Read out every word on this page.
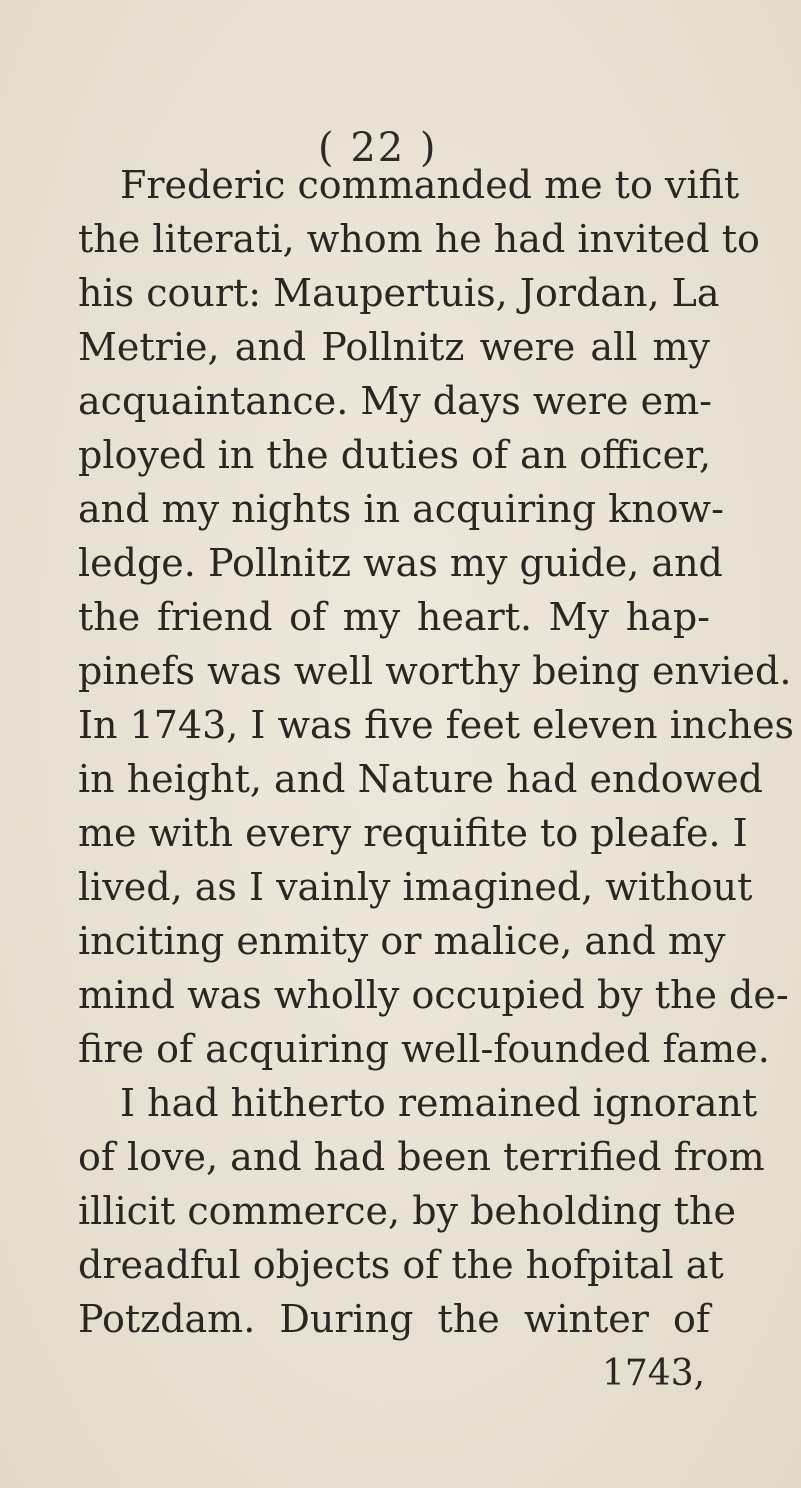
( 22 )
Frederic commanded me to vifit
the literati, whom he had invited to
his court: Maupertuis, Jordan, La
Metrie, and Pollnitz were all my
acquaintance. My days were em-
ployed in the duties of an officer,
and my nights in acquiring know-
ledge. Pollnitz was my guide, and
the friend of my heart. My hap-
pinefs was well worthy being envied.
In 1743, I was five feet eleven inches
in height, and Nature had endowed
me with every requifite to pleafe. I
lived, as I vainly imagined, without
inciting enmity or malice, and my
mind was wholly occupied by the de-
fire of acquiring well-founded fame.
I had hitherto remained ignorant
of love, and had been terrified from
illicit commerce, by beholding the
dreadful objects of the hofpital at
Potzdam. During the winter of
1743,
